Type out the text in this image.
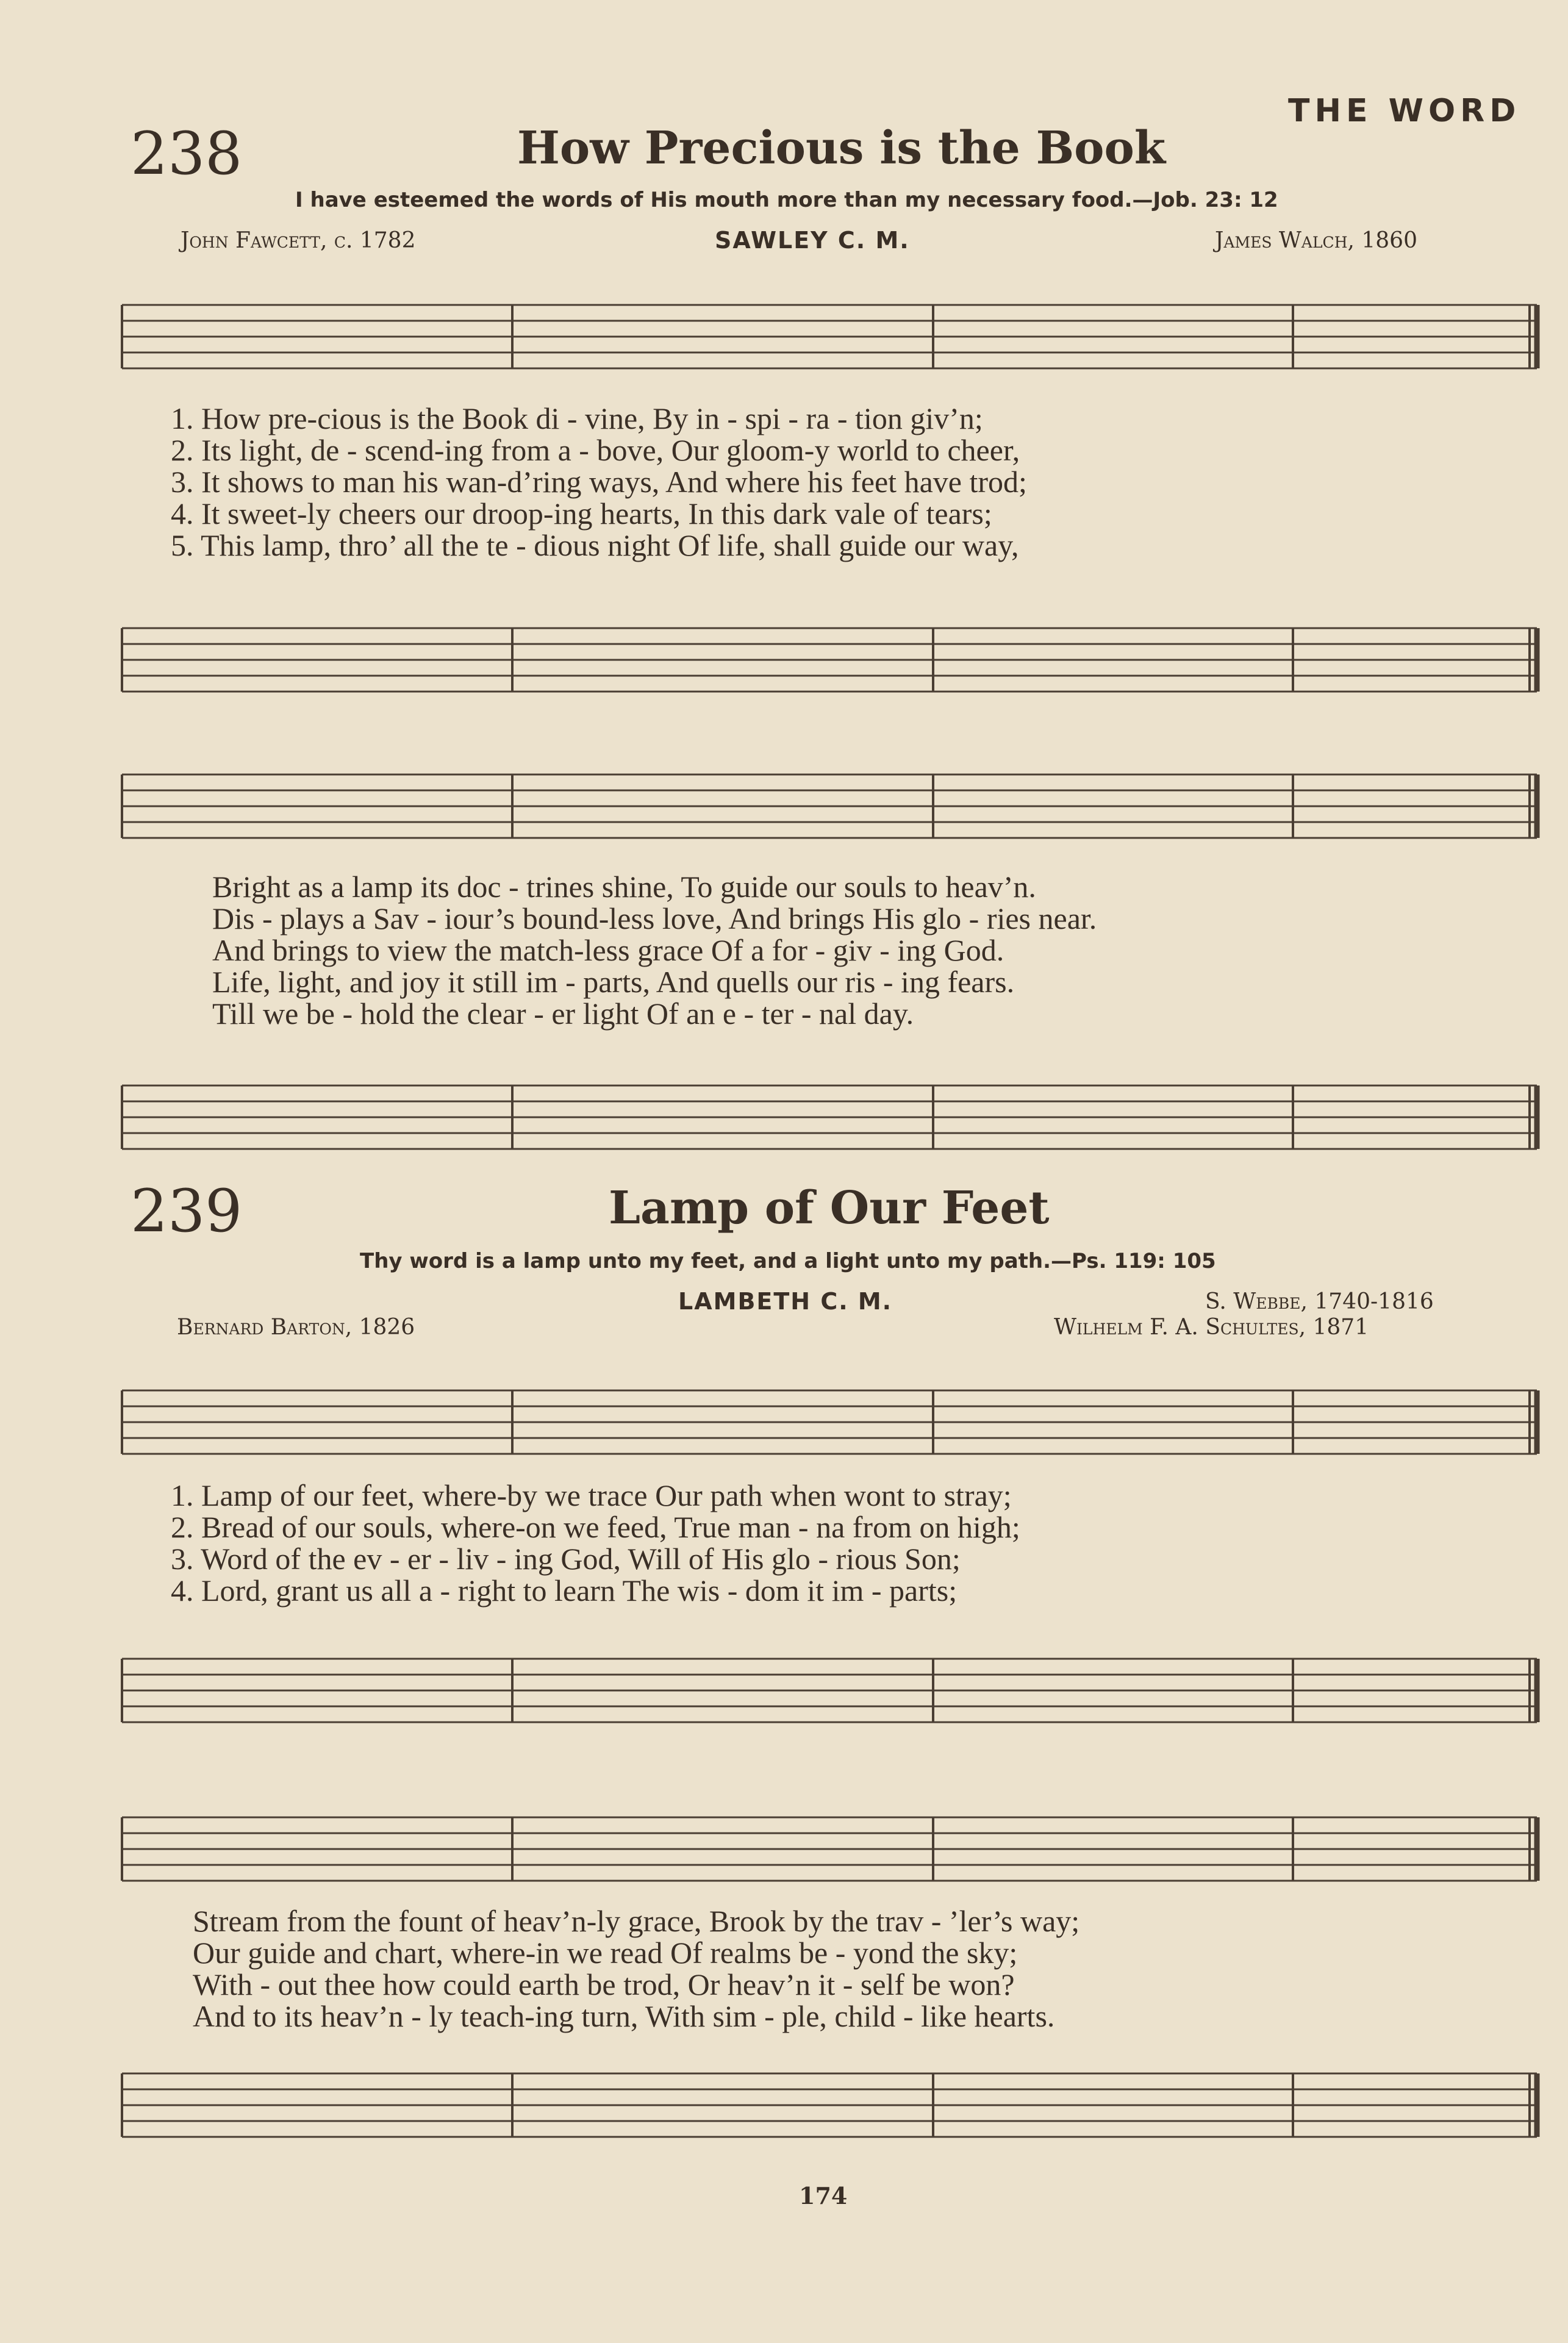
THE WORD
174
238	How Precious is the Book
I have esteemed the words of His mouth more than my necessary food.—Job. 23: 12
John Fawcett, c. 1782	SAWLEY C. M.	James Walch, 1860
1. How pre-cious is the Book di - vine, By in - spi - ra - tion giv’n;
2. Its light, de - scend-ing from a - bove, Our gloom-y world to cheer,
3. It shows to man his wan-d’ring ways, And where his feet have trod;
4. It sweet-ly cheers our droop-ing hearts, In this dark vale of tears;
5. This lamp, thro’ all the te - dious night Of life, shall guide our way,
Bright as a lamp its doc - trines shine, To guide our souls to heav’n.
Dis - plays a Sav - iour’s bound-less love, And brings His glo - ries near.
And brings to view the match-less grace Of a for - giv - ing God.
Life, light, and joy it still im - parts, And quells our ris - ing fears.
Till we be - hold the clear - er light Of an e - ter - nal day.
239	Lamp of Our Feet
Thy word is a lamp unto my feet, and a light unto my path.—Ps. 119: 105
LAMBETH C. M.	S. Webbe, 1740-1816
Bernard Barton, 1826	Wilhelm F. A. Schultes, 1871
1. Lamp of our feet, where-by we trace Our path when wont to stray;
2. Bread of our souls, where-on we feed, True man - na from on high;
3. Word of the ev - er - liv - ing God, Will of His glo - rious Son;
4. Lord, grant us all a - right to learn The wis - dom it im - parts;
Stream from the fount of heav’n-ly grace, Brook by the trav - ’ler’s way;
Our guide and chart, where-in we read Of realms be - yond the sky;
With - out thee how could earth be trod, Or heav’n it - self be won?
And to its heav’n - ly teach-ing turn, With sim - ple, child - like hearts.
